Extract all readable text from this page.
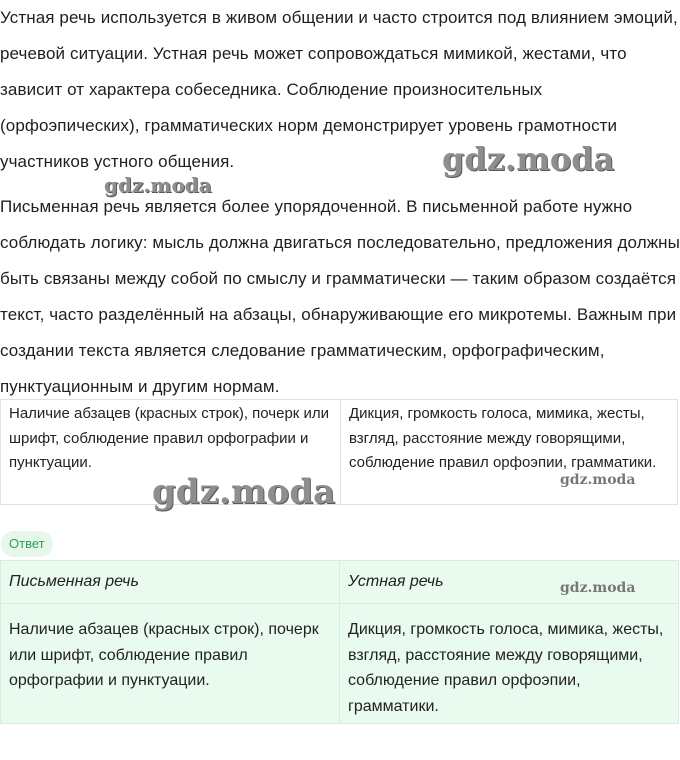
Устная речь используется в живом общении и часто строится под влиянием эмоций, речевой ситуации. Устная речь может сопровождаться мимикой, жестами, что зависит от характера собеседника. Соблюдение произносительных (орфоэпических), грамматических норм демонстрирует уровень грамотности участников устного общения.

Письменная речь является более упорядоченной. В письменной работе нужно соблюдать логику: мысль должна двигаться последовательно, предложения должны быть связаны между собой по смыслу и грамматически — таким образом создаётся текст, часто разделённый на абзацы, обнаруживающие его микротемы. Важным при создании текста является следование грамматическим, орфографическим, пунктуационным и другим нормам.

Наличие абзацев (красных строк), почерк или шрифт, соблюдение правил орфографии и пунктуации.	Дикция, громкость голоса, мимика, жесты, взгляд, расстояние между говорящими, соблюдение правил орфоэпии, грамматики.
Ответ
Письменная речь	Устная речь
Наличие абзацев (красных строк), почерк или шрифт, соблюдение правил орфографии и пунктуации.	Дикция, громкость голоса, мимика, жесты, взгляд, расстояние между говорящими, соблюдение правил орфоэпии, грамматики.
gdz.moda
gdz.moda
gdz.moda	gdz.moda
gdz.moda
